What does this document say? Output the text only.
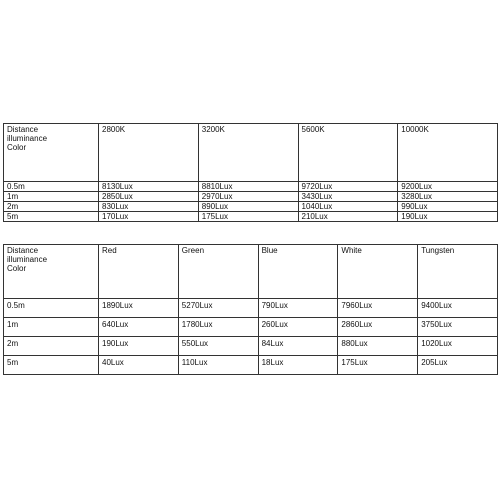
Distance
illuminance
Color	2800K	3200K	5600K	10000K
0.5m	8130Lux	8810Lux	9720Lux	9200Lux
1m	2850Lux	2970Lux	3430Lux	3280Lux
2m	830Lux	890Lux	1040Lux	990Lux
5m	170Lux	175Lux	210Lux	190Lux
Distance
illuminance
Color	Red	Green	Blue	White	Tungsten
0.5m	1890Lux	5270Lux	790Lux	7960Lux	9400Lux
1m	640Lux	1780Lux	260Lux	2860Lux	3750Lux
2m	190Lux	550Lux	84Lux	880Lux	1020Lux
5m	40Lux	110Lux	18Lux	175Lux	205Lux
